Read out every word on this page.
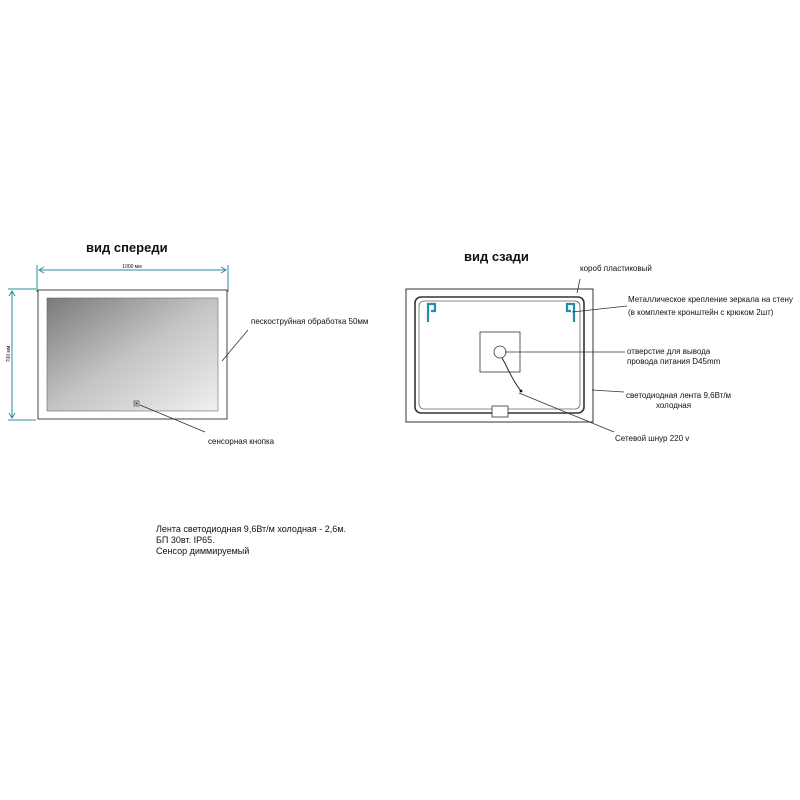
вид спереди
1000 мм
700 мм
пескоструйная обработка 50мм
сенсорная кнопка
вид сзади
короб пластиковый
Металлическое крепление зеркала на стену
(в комплекте кронштейн с крюком 2шт)
отверстие для вывода
провода питания D45mm
светодиодная лента 9,6Вт/м
холодная
Сетевой шнур 220 v
Лента светодиодная 9,6Вт/м холодная - 2,6м.
БП 30вт. IP65.
Сенсор диммируемый
